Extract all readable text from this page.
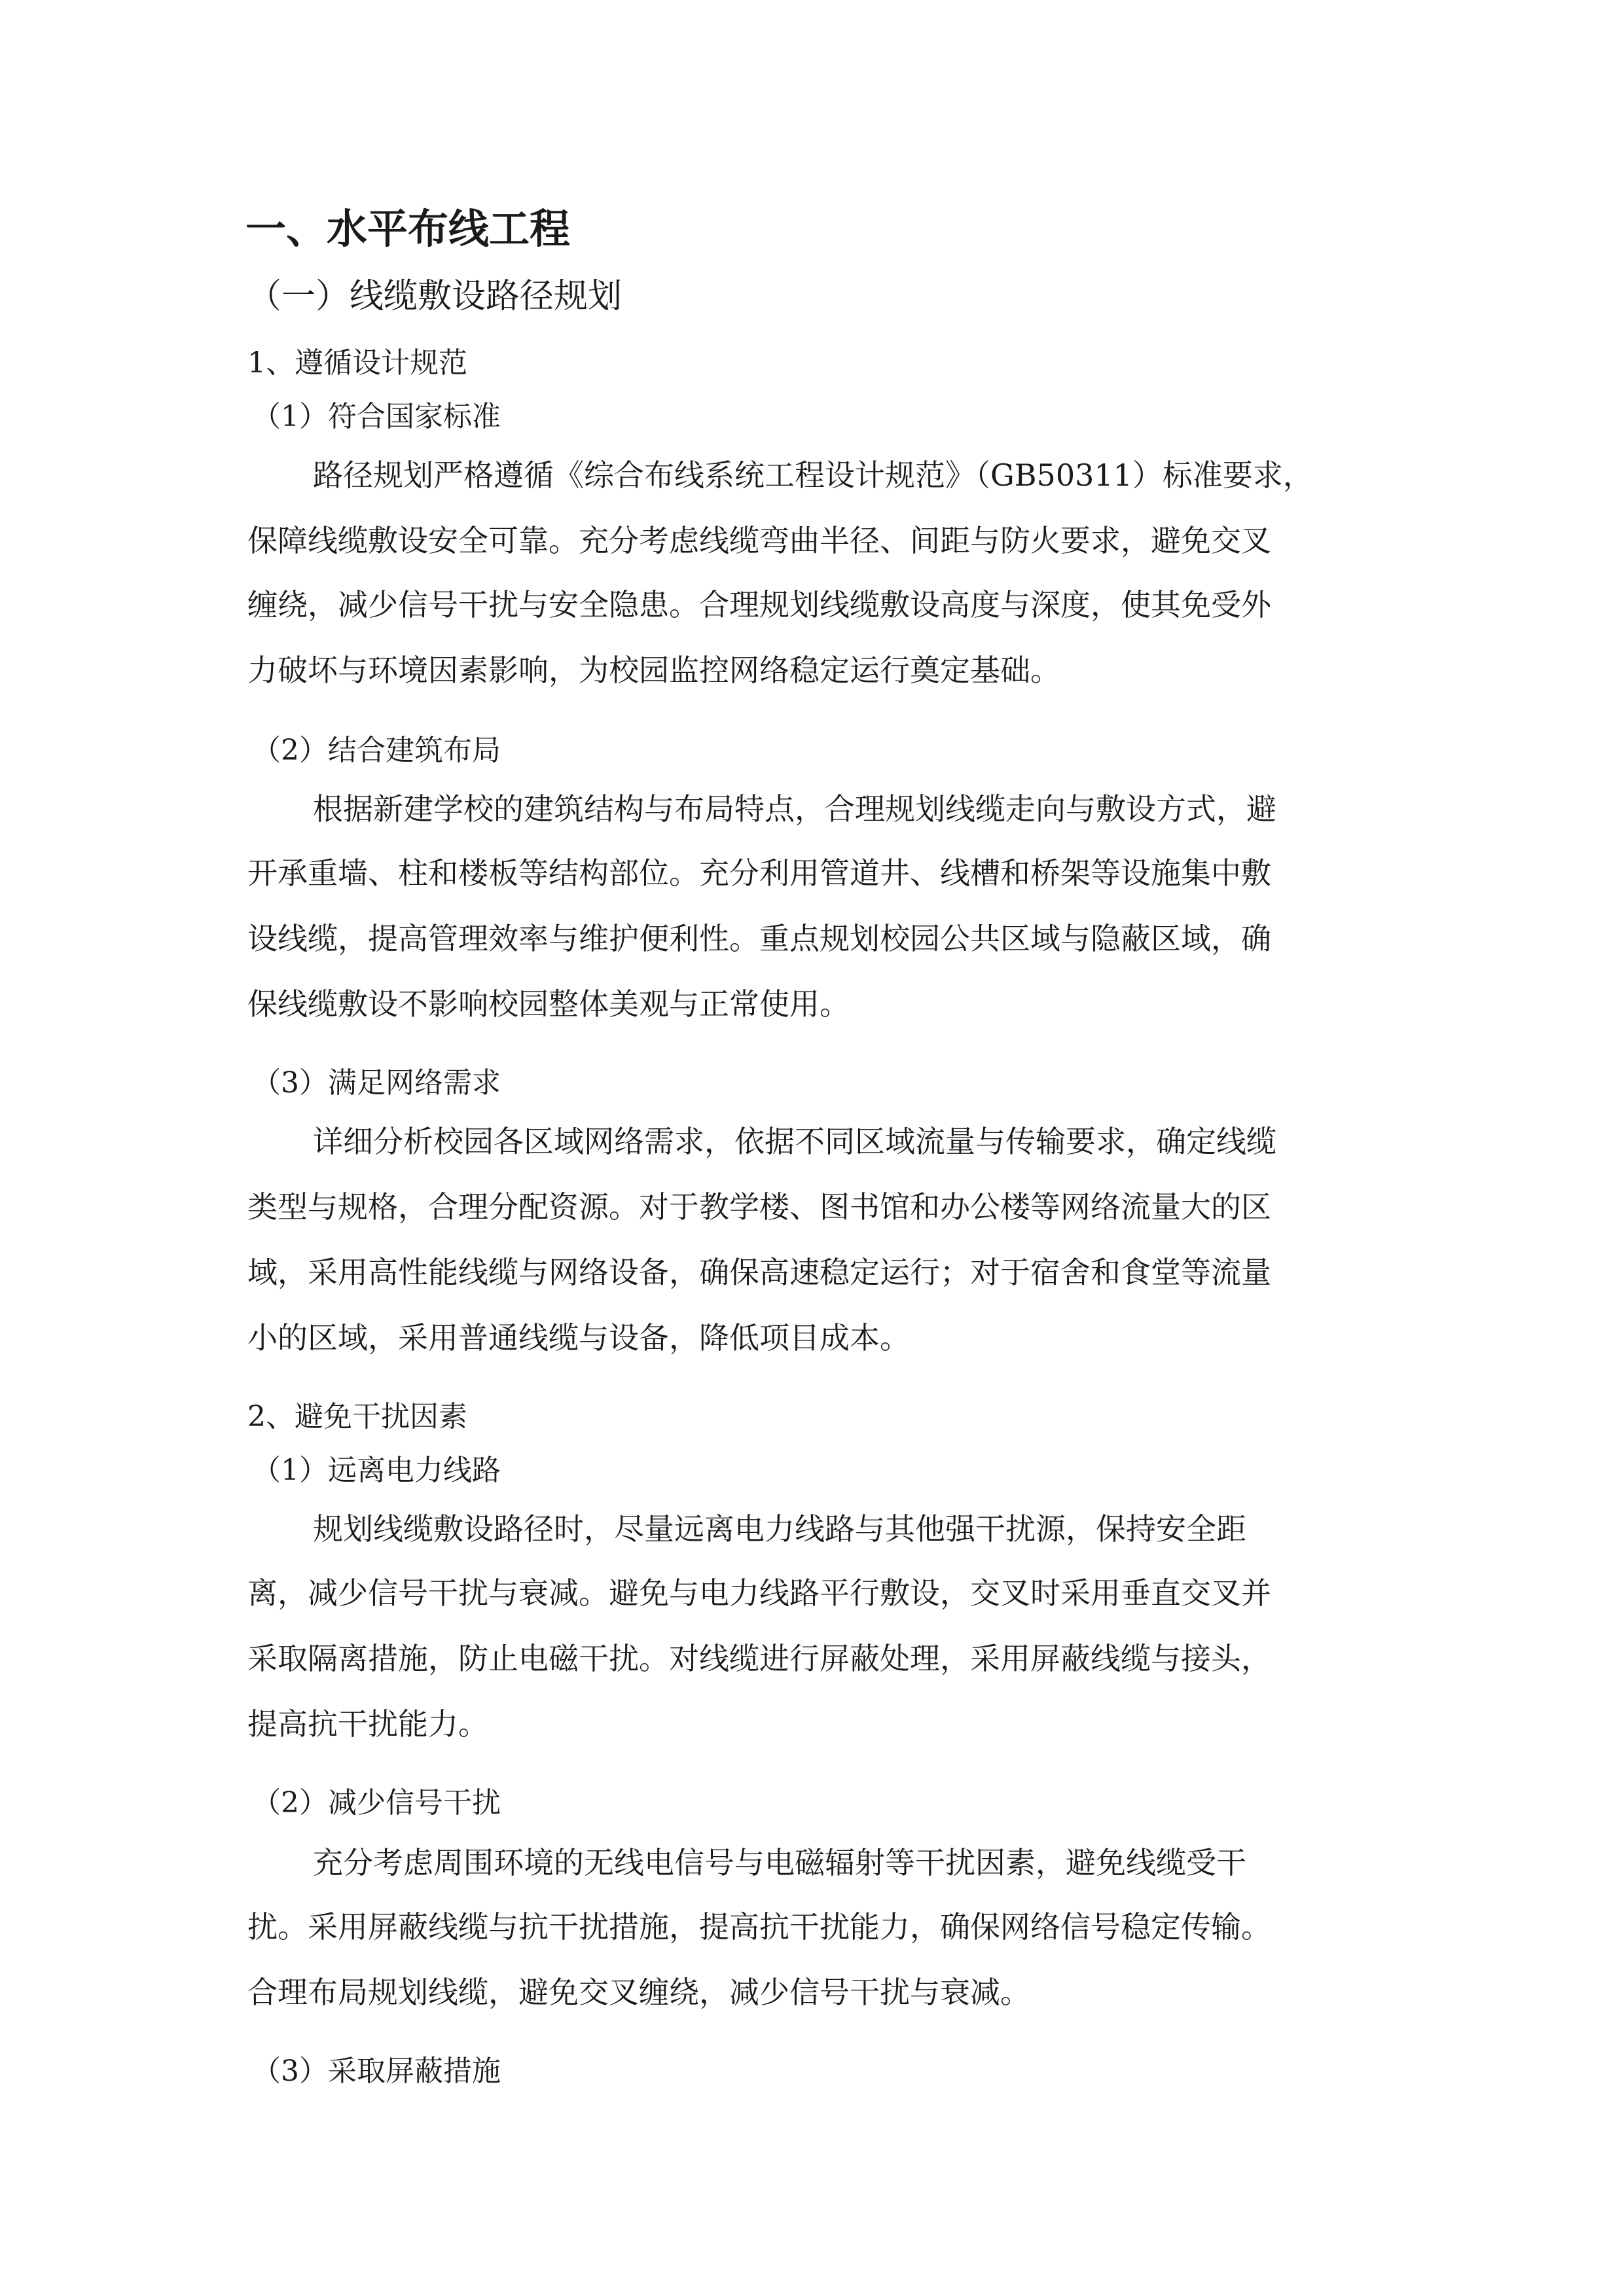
一、水平布线工程
（一）线缆敷设路径规划
1、遵循设计规范
（1）符合国家标准

路径规划严格遵循《综合布线系统工程设计规范》（GB50311）标准要求，

保障线缆敷设安全可靠。充分考虑线缆弯曲半径、间距与防火要求，避免交叉

缠绕，减少信号干扰与安全隐患。合理规划线缆敷设高度与深度，使其免受外

力破坏与环境因素影响，为校园监控网络稳定运行奠定基础。

（2）结合建筑布局

根据新建学校的建筑结构与布局特点，合理规划线缆走向与敷设方式，避

开承重墙、柱和楼板等结构部位。充分利用管道井、线槽和桥架等设施集中敷

设线缆，提高管理效率与维护便利性。重点规划校园公共区域与隐蔽区域，确

保线缆敷设不影响校园整体美观与正常使用。

（3）满足网络需求

详细分析校园各区域网络需求，依据不同区域流量与传输要求，确定线缆

类型与规格，合理分配资源。对于教学楼、图书馆和办公楼等网络流量大的区

域，采用高性能线缆与网络设备，确保高速稳定运行；对于宿舍和食堂等流量

小的区域，采用普通线缆与设备，降低项目成本。

2、避免干扰因素
（1）远离电力线路

规划线缆敷设路径时，尽量远离电力线路与其他强干扰源，保持安全距

离，减少信号干扰与衰减。避免与电力线路平行敷设，交叉时采用垂直交叉并

采取隔离措施，防止电磁干扰。对线缆进行屏蔽处理，采用屏蔽线缆与接头，

提高抗干扰能力。

（2）减少信号干扰

充分考虑周围环境的无线电信号与电磁辐射等干扰因素，避免线缆受干

扰。采用屏蔽线缆与抗干扰措施，提高抗干扰能力，确保网络信号稳定传输。

合理布局规划线缆，避免交叉缠绕，减少信号干扰与衰减。

（3）采取屏蔽措施
